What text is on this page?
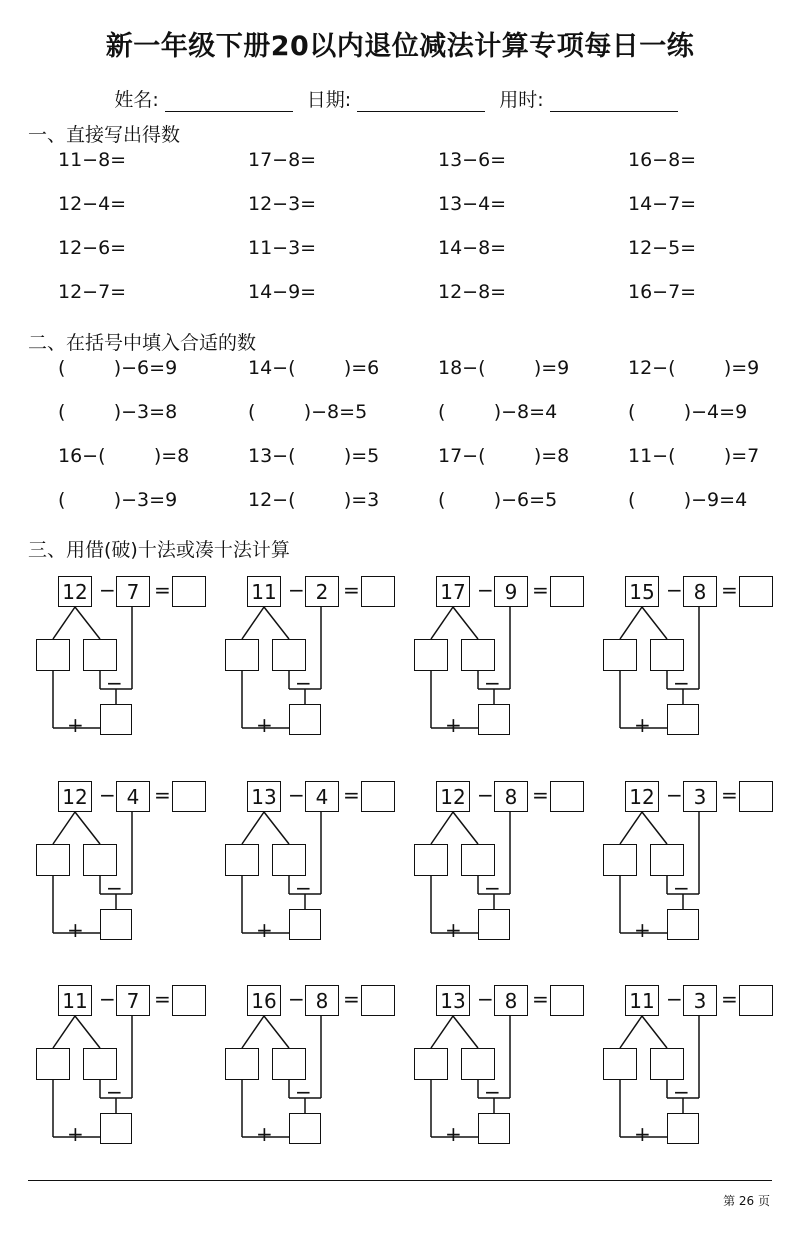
新一年级下册20以内退位减法计算专项每日一练
姓名:	日期:	用时:
一、直接写出得数
11−8=	17−8=	13−6=	16−8=
12−4=	12−3=	13−4=	14−7=
12−6=	11−3=	14−8=	12−5=
12−7=	14−9=	12−8=	16−7=
二、在括号中填入合适的数
(        )−6=9	14−(        )=6	18−(        )=9	12−(        )=9
(        )−3=8	(        )−8=5	(        )−8=4	(        )−4=9
16−(        )=8	13−(        )=5	17−(        )=8	11−(        )=7
(        )−3=9	12−(        )=3	(        )−6=5	(        )−9=4
三、用借(破)十法或凑十法计算
12 − 7 =
−
+
11 − 2 =
−
+
17 − 9 =
−
+
15 − 8 =
−
+
12 − 4 =
−
+
13 − 4 =
−
+
12 − 8 =
−
+
12 − 3 =
−
+
11 − 7 =
−
+
16 − 8 =
−
+
13 − 8 =
−
+
11 − 3 =
−
+
第 26 页
